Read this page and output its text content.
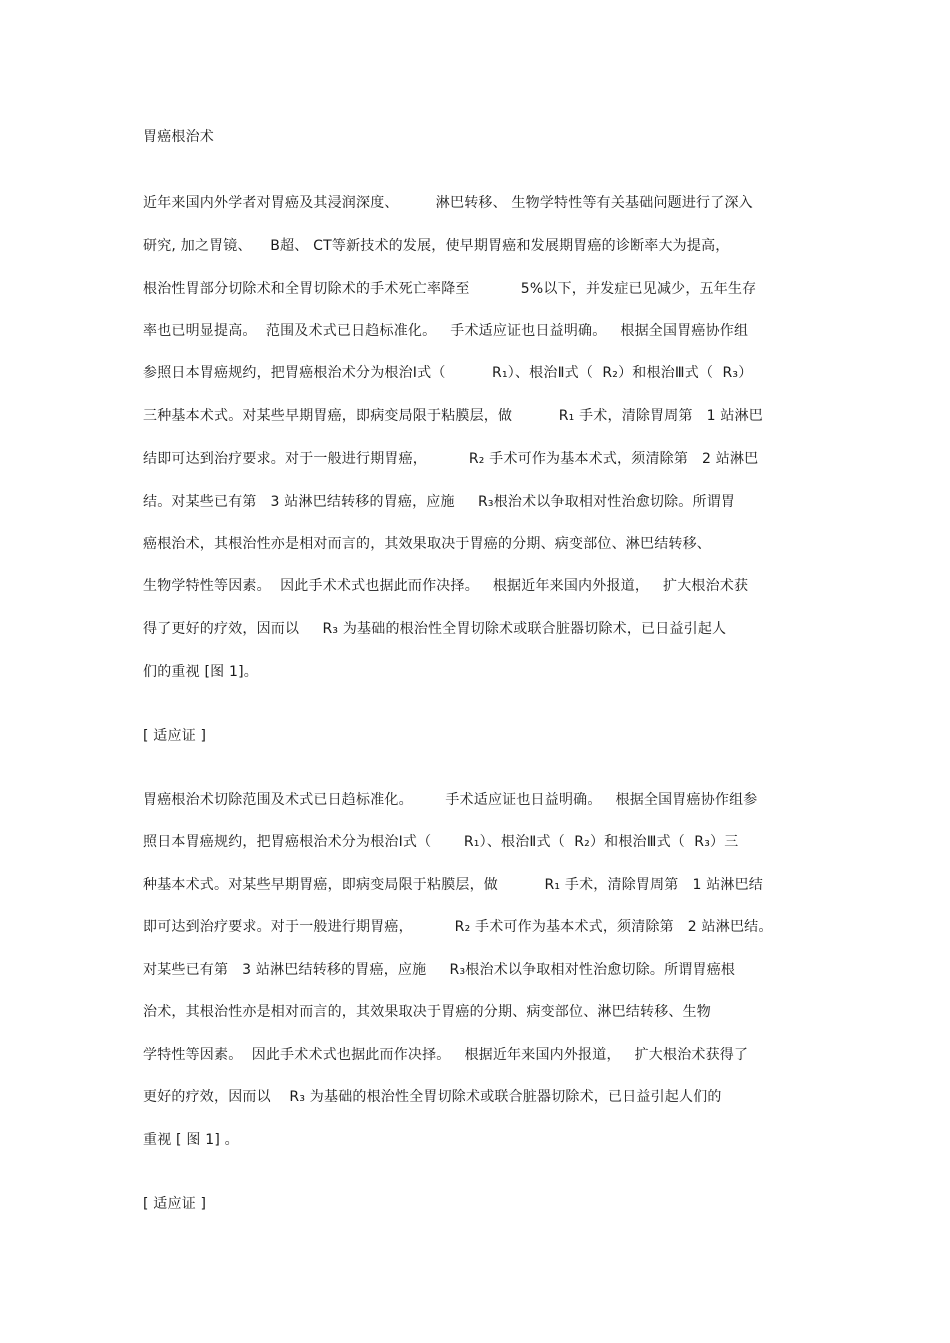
胃癌根治术
近年来国内外学者对胃癌及其浸润深度、        淋巴转移、 生物学特性等有关基础问题进行了深入
研究, 加之胃镜、    B超、 CT等新技术的发展，使早期胃癌和发展期胃癌的诊断率大为提高，
根治性胃部分切除术和全胃切除术的手术死亡率降至           5%以下，并发症已见减少，五年生存
率也已明显提高。  范围及术式已日趋标准化。   手术适应证也日益明确。   根据全国胃癌协作组
参照日本胃癌规约，把胃癌根治术分为根治Ⅰ式（          R₁）、根治Ⅱ式（  R₂）和根治Ⅲ式（  R₃）
三种基本术式。对某些早期胃癌，即病变局限于粘膜层，做          R₁ 手术，清除胃周第   1 站淋巴
结即可达到治疗要求。对于一般进行期胃癌，         R₂ 手术可作为基本术式，须清除第   2 站淋巴
结。对某些已有第   3 站淋巴结转移的胃癌，应施     R₃根治术以争取相对性治愈切除。所谓胃
癌根治术，其根治性亦是相对而言的，其效果取决于胃癌的分期、病变部位、淋巴结转移、
生物学特性等因素。  因此手术术式也据此而作决择。   根据近年来国内外报道，   扩大根治术获
得了更好的疗效，因而以     R₃ 为基础的根治性全胃切除术或联合脏器切除术，已日益引起人
们的重视 [图 1]。
[ 适应证 ]
胃癌根治术切除范围及术式已日趋标准化。       手术适应证也日益明确。   根据全国胃癌协作组参
照日本胃癌规约，把胃癌根治术分为根治Ⅰ式（       R₁）、根治Ⅱ式（  R₂）和根治Ⅲ式（  R₃）三
种基本术式。对某些早期胃癌，即病变局限于粘膜层，做          R₁ 手术，清除胃周第   1 站淋巴结
即可达到治疗要求。对于一般进行期胃癌，         R₂ 手术可作为基本术式，须清除第   2 站淋巴结。
对某些已有第   3 站淋巴结转移的胃癌，应施     R₃根治术以争取相对性治愈切除。所谓胃癌根
治术，其根治性亦是相对而言的，其效果取决于胃癌的分期、病变部位、淋巴结转移、生物
学特性等因素。  因此手术术式也据此而作决择。   根据近年来国内外报道，   扩大根治术获得了
更好的疗效，因而以    R₃ 为基础的根治性全胃切除术或联合脏器切除术，已日益引起人们的
重视 [ 图 1] 。
[ 适应证 ]
